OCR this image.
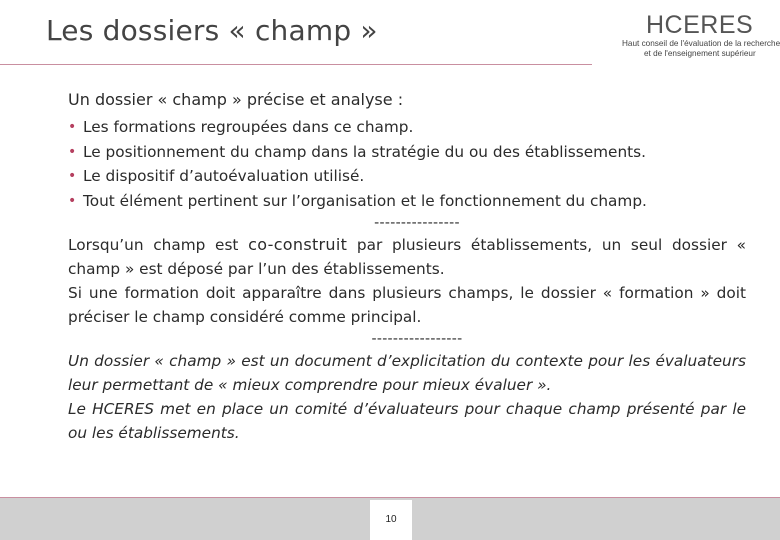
Les dossiers « champ »	HCERES
Haut conseil de l'évaluation de la recherche
et de l'enseignement supérieur
Un dossier « champ » précise et analyse :
• Les formations regroupées dans ce champ.
• Le positionnement du champ dans la stratégie du ou des établissements.
• Le dispositif d’autoévaluation utilisé.
• Tout élément pertinent sur l’organisation et le fonctionnement du champ.
----------------

Lorsqu’un champ est co-construit par plusieurs établissements, un seul dossier « champ » est déposé par l’un des établissements.

Si une formation doit apparaître dans plusieurs champs, le dossier « formation » doit préciser le champ considéré comme principal.

-----------------

Un dossier « champ » est un document d’explicitation du contexte pour les évaluateurs leur permettant de « mieux comprendre pour mieux évaluer ».

Le HCERES met en place un comité d’évaluateurs pour chaque champ présenté par le ou les établissements.

10
